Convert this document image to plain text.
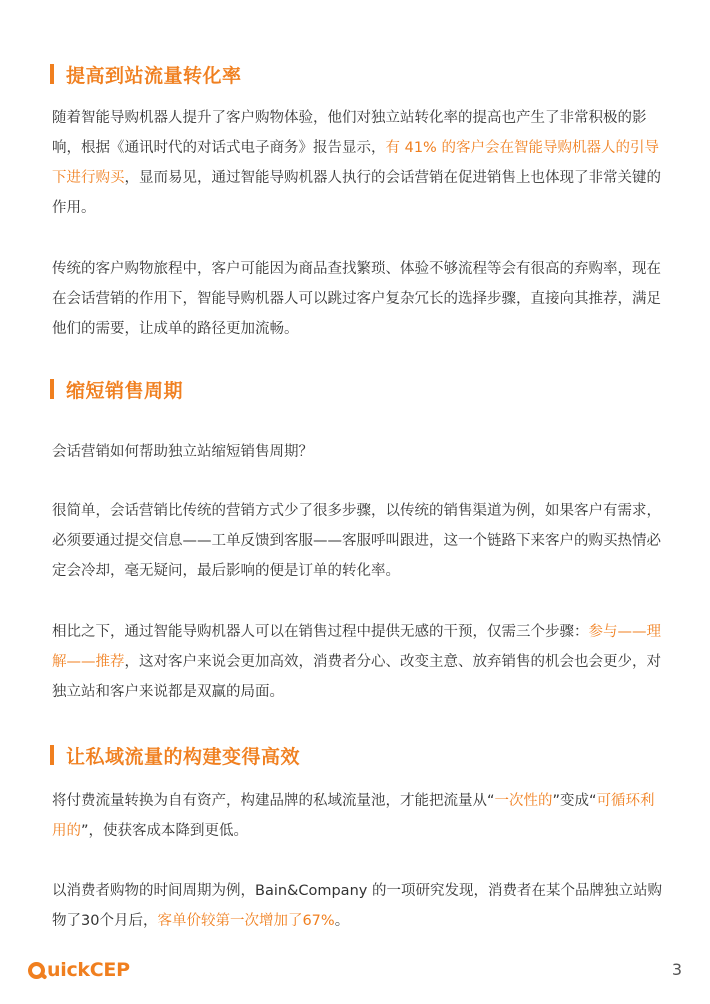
提高到站流量转化率

随着智能导购机器人提升了客户购物体验，他们对独立站转化率的提高也产生了非常积极的影响，根据《通讯时代的对话式电子商务》报告显示，有 41% 的客户会在智能导购机器人的引导下进行购买，显而易见，通过智能导购机器人执行的会话营销在促进销售上也体现了非常关键的作用。

传统的客户购物旅程中，客户可能因为商品查找繁琐、体验不够流程等会有很高的弃购率，现在在会话营销的作用下，智能导购机器人可以跳过客户复杂冗长的选择步骤，直接向其推荐，满足他们的需要，让成单的路径更加流畅。

缩短销售周期

会话营销如何帮助独立站缩短销售周期？

很简单，会话营销比传统的营销方式少了很多步骤，以传统的销售渠道为例，如果客户有需求，必须要通过提交信息——工单反馈到客服——客服呼叫跟进，这一个链路下来客户的购买热情必定会冷却，毫无疑问，最后影响的便是订单的转化率。

相比之下，通过智能导购机器人可以在销售过程中提供无感的干预，仅需三个步骤：参与——理解——推荐，这对客户来说会更加高效，消费者分心、改变主意、放弃销售的机会也会更少，对独立站和客户来说都是双赢的局面。

让私域流量的构建变得高效

将付费流量转换为自有资产，构建品牌的私域流量池，才能把流量从“一次性的”变成“可循环利用的”，使获客成本降到更低。

以消费者购物的时间周期为例，Bain&Company 的一项研究发现，消费者在某个品牌独立站购物了30个月后，客单价较第一次增加了67%。

uick CEP	3
